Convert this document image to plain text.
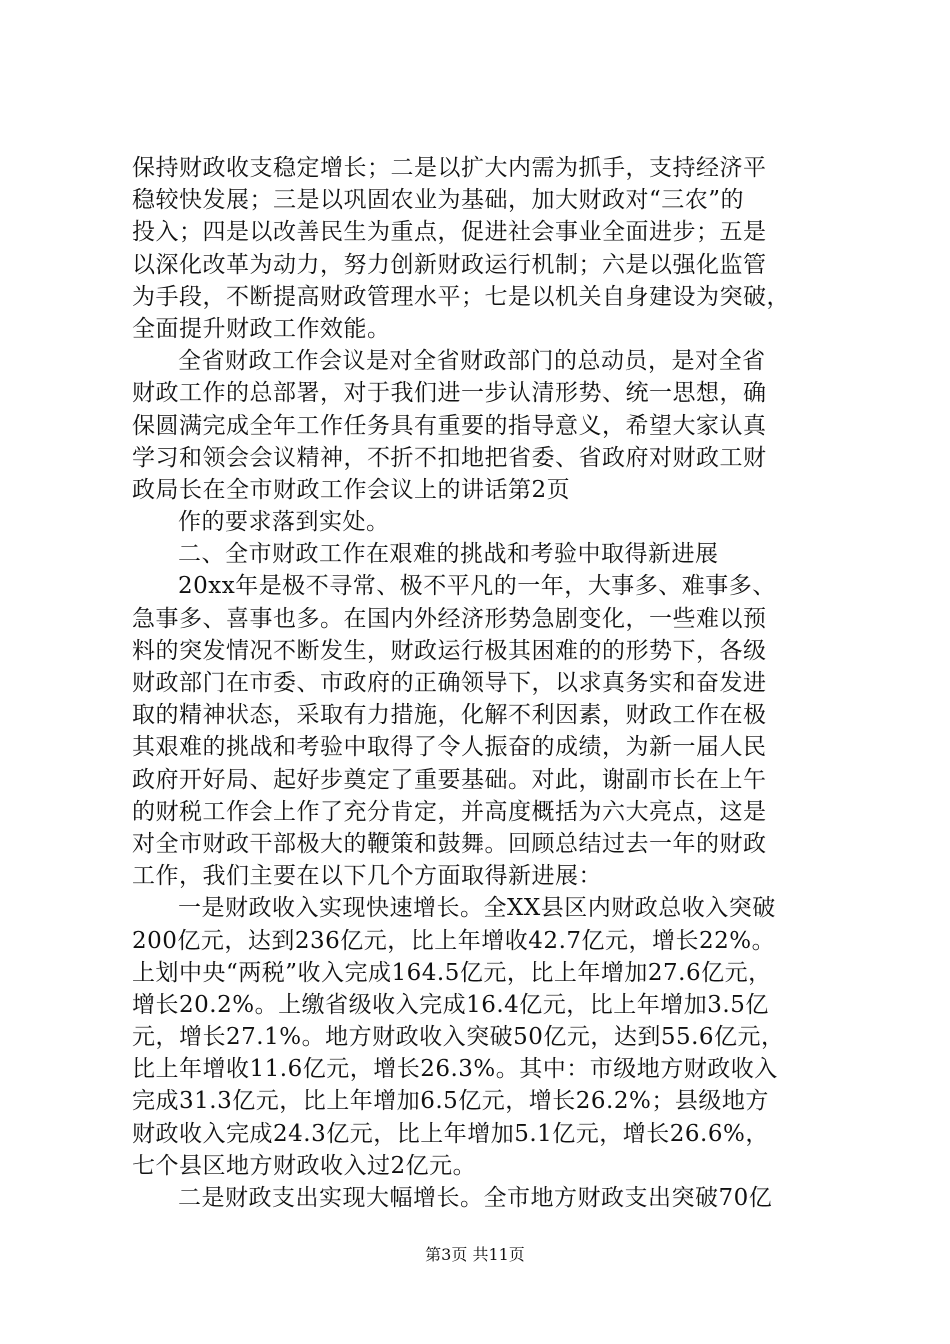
保持财政收支稳定增长；二是以扩大内需为抓手，支持经济平
稳较快发展；三是以巩固农业为基础，加大财政对“三农”的
投入；四是以改善民生为重点，促进社会事业全面进步；五是
以深化改革为动力，努力创新财政运行机制；六是以强化监管
为手段，不断提高财政管理水平；七是以机关自身建设为突破，
全面提升财政工作效能。
全省财政工作会议是对全省财政部门的总动员，是对全省
财政工作的总部署，对于我们进一步认清形势、统一思想，确
保圆满完成全年工作任务具有重要的指导意义，希望大家认真
学习和领会会议精神，不折不扣地把省委、省政府对财政工财
政局长在全市财政工作会议上的讲话第2页
作的要求落到实处。
二、全市财政工作在艰难的挑战和考验中取得新进展
20xx年是极不寻常、极不平凡的一年，大事多、难事多、
急事多、喜事也多。在国内外经济形势急剧变化，一些难以预
料的突发情况不断发生，财政运行极其困难的的形势下，各级
财政部门在市委、市政府的正确领导下，以求真务实和奋发进
取的精神状态，采取有力措施，化解不利因素，财政工作在极
其艰难的挑战和考验中取得了令人振奋的成绩，为新一届人民
政府开好局、起好步奠定了重要基础。对此，谢副市长在上午
的财税工作会上作了充分肯定，并高度概括为六大亮点，这是
对全市财政干部极大的鞭策和鼓舞。回顾总结过去一年的财政
工作，我们主要在以下几个方面取得新进展：
一是财政收入实现快速增长。全XX县区内财政总收入突破
200亿元，达到236亿元，比上年增收42.7亿元，增长22%。
上划中央“两税”收入完成164.5亿元，比上年增加27.6亿元，
增长20.2%。上缴省级收入完成16.4亿元，比上年增加3.5亿
元，增长27.1%。地方财政收入突破50亿元，达到55.6亿元，
比上年增收11.6亿元，增长26.3%。其中：市级地方财政收入
完成31.3亿元，比上年增加6.5亿元，增长26.2%；县级地方
财政收入完成24.3亿元，比上年增加5.1亿元，增长26.6%，
七个县区地方财政收入过2亿元。
二是财政支出实现大幅增长。全市地方财政支出突破70亿
第3页 共11页
